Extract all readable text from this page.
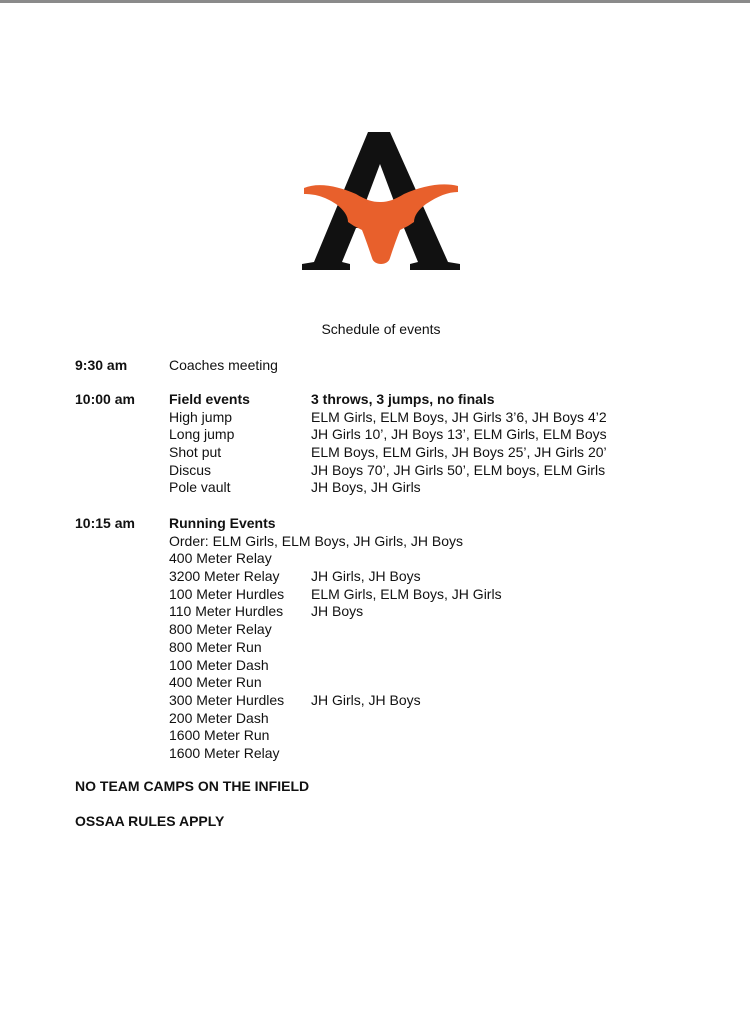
Schedule of events
9:30 am	Coaches meeting
10:00 am Field events
High jump
Long jump
Shot put
Discus
Pole vault
3 throws, 3 jumps, no finals
ELM Girls, ELM Boys, JH Girls 3’6, JH Boys 4’2
JH Girls 10’, JH Boys 13’, ELM Girls, ELM Boys
ELM Boys, ELM Girls, JH Boys 25’, JH Girls 20’
JH Boys 70’, JH Girls 50’, ELM boys, ELM Girls
JH Boys, JH Girls
10:15 am Running Events
Order: ELM Girls, ELM Boys, JH Girls, JH Boys
400 Meter Relay
3200 Meter Relay
100 Meter Hurdles
110 Meter Hurdles
800 Meter Relay
800 Meter Run
100 Meter Dash
400 Meter Run
300 Meter Hurdles
200 Meter Dash
1600 Meter Run
1600 Meter Relay
JH Girls, JH Boys
ELM Girls, ELM Boys, JH Girls
JH Boys
JH Girls, JH Boys
NO TEAM CAMPS ON THE INFIELD
OSSAA RULES APPLY
